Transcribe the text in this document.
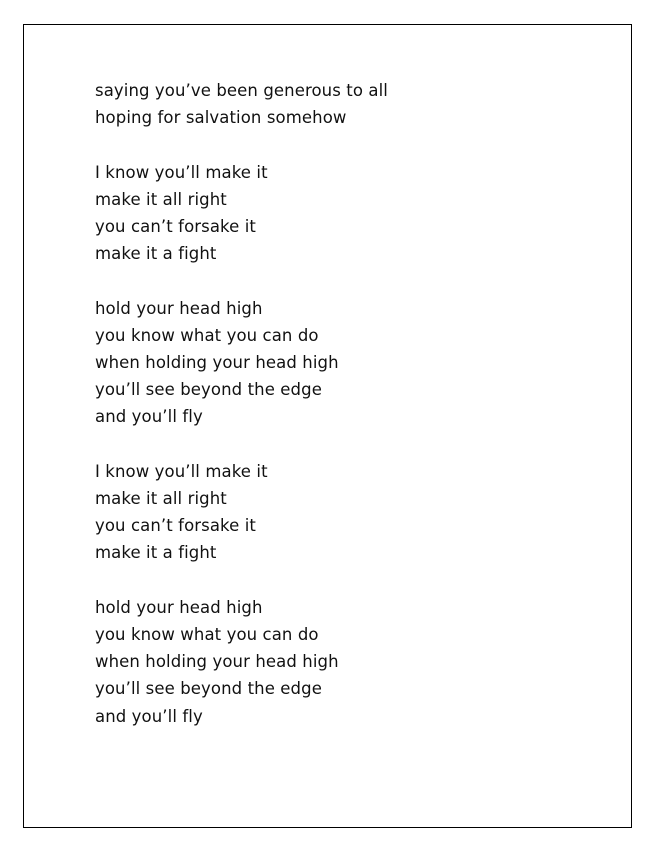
saying you’ve been generous to all
hoping for salvation somehow
I know you’ll make it
make it all right
you can’t forsake it
make it a fight
hold your head high
you know what you can do
when holding your head high
you’ll see beyond the edge
and you’ll fly
I know you’ll make it
make it all right
you can’t forsake it
make it a fight
hold your head high
you know what you can do
when holding your head high
you’ll see beyond the edge
and you’ll fly
